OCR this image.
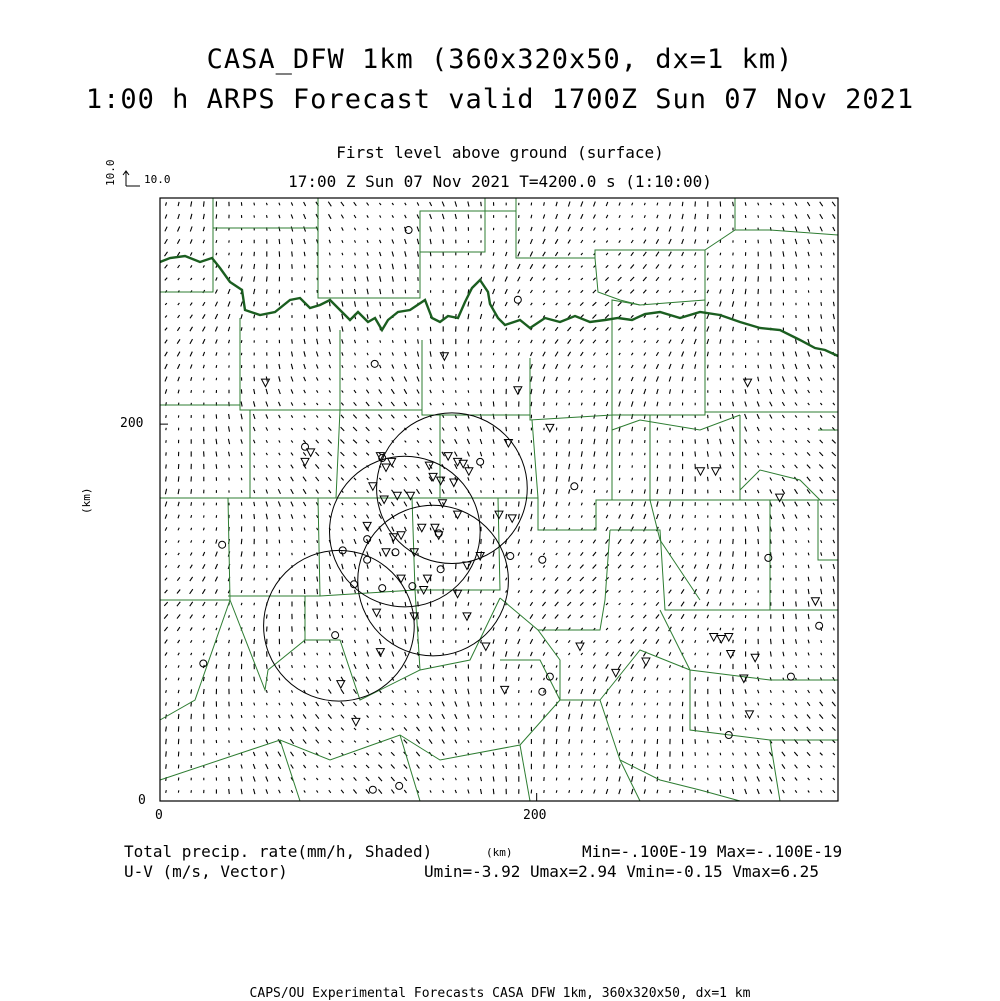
CASA_DFW 1km (360x320x50, dx=1 km)
1:00 h ARPS Forecast valid 1700Z Sun 07 Nov 2021
First level above ground (surface)
17:00 Z Sun 07 Nov 2021 T=4200.0 s (1:10:00)
10.0 10.0
0	200
0
200
(km)
(km)
Total precip. rate(mm/h, Shaded)	Min=-.100E-19 Max=-.100E-19
U-V (m/s, Vector)	Umin=-3.92 Umax=2.94 Vmin=-0.15 Vmax=6.25
CAPS/OU Experimental Forecasts CASA DFW 1km, 360x320x50, dx=1 km
